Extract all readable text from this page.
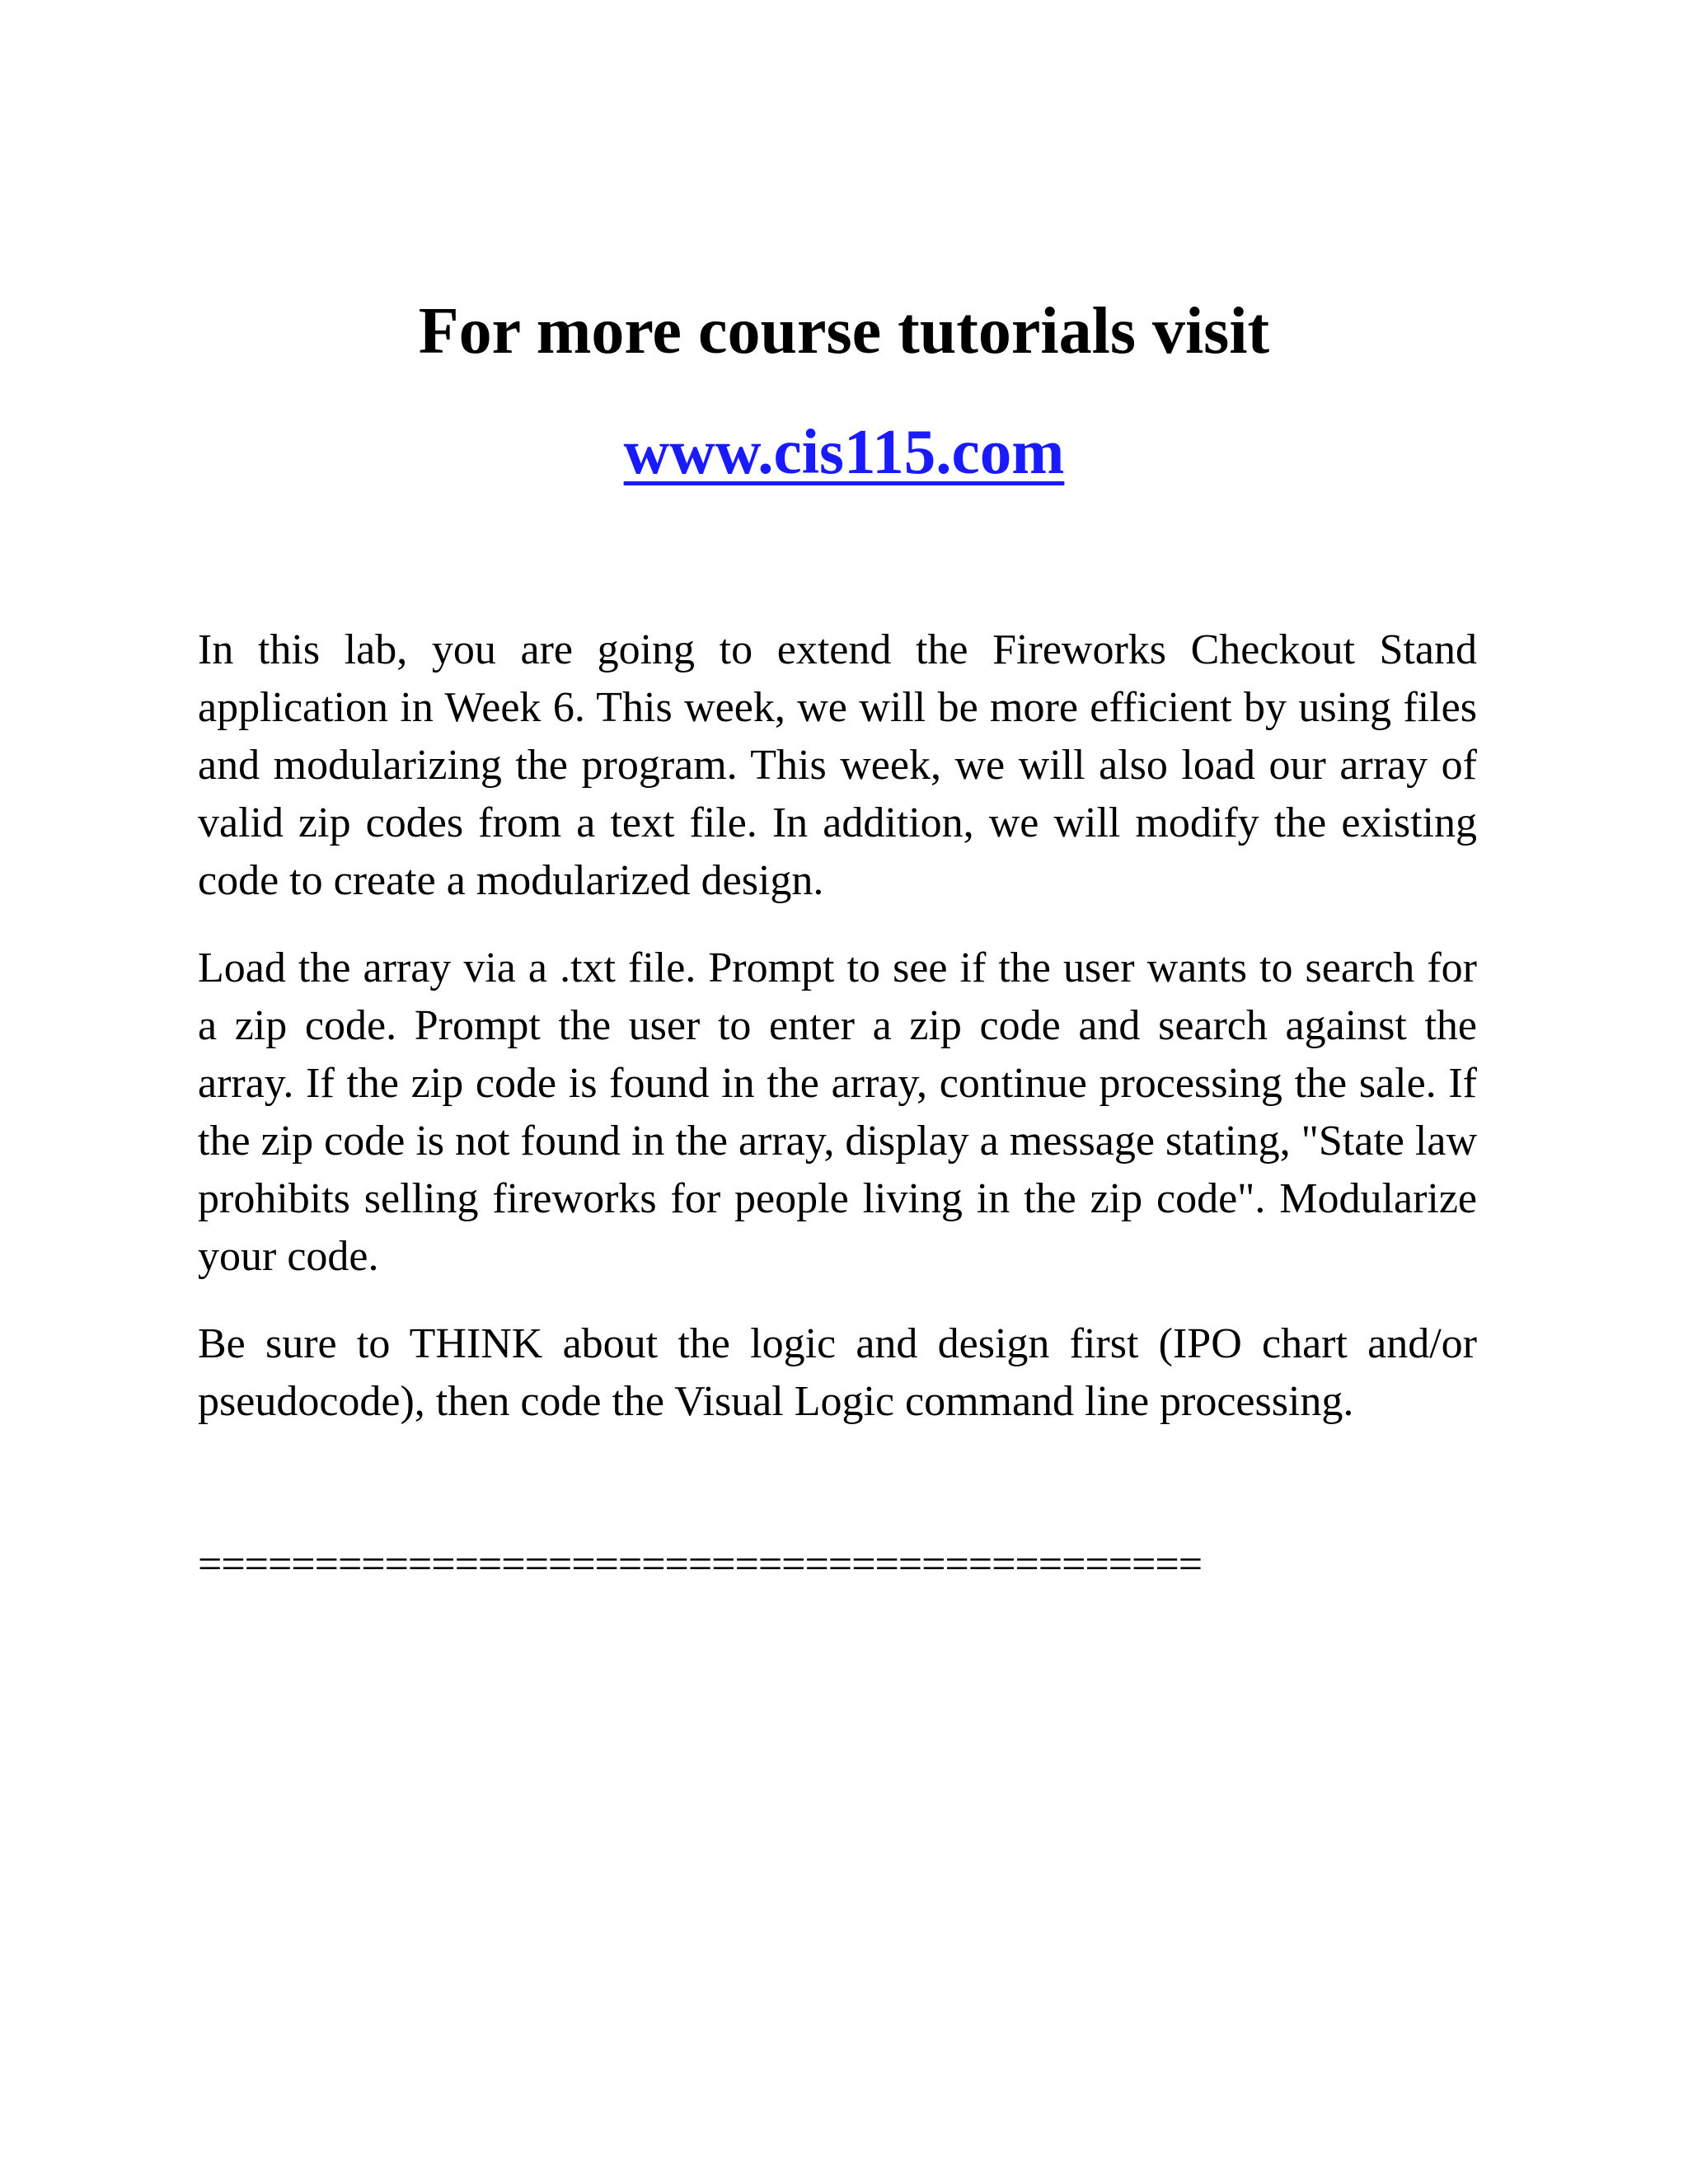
For more course tutorials visit
www.cis115.com

In this lab, you are going to extend the Fireworks Checkout Stand application in Week 6. This week, we will be more efficient by using files and modularizing the program. This week, we will also load our array of valid zip codes from a text file. In addition, we will modify the existing code to create a modularized design.

Load the array via a .txt file. Prompt to see if the user wants to search for a zip code. Prompt the user to enter a zip code and search against the array. If the zip code is found in the array, continue processing the sale. If the zip code is not found in the array, display a message stating, "State law prohibits selling fireworks for people living in the zip code". Modularize your code.

Be sure to THINK about the logic and design first (IPO chart and/or pseudocode), then code the Visual Logic command line processing.

===========================================
